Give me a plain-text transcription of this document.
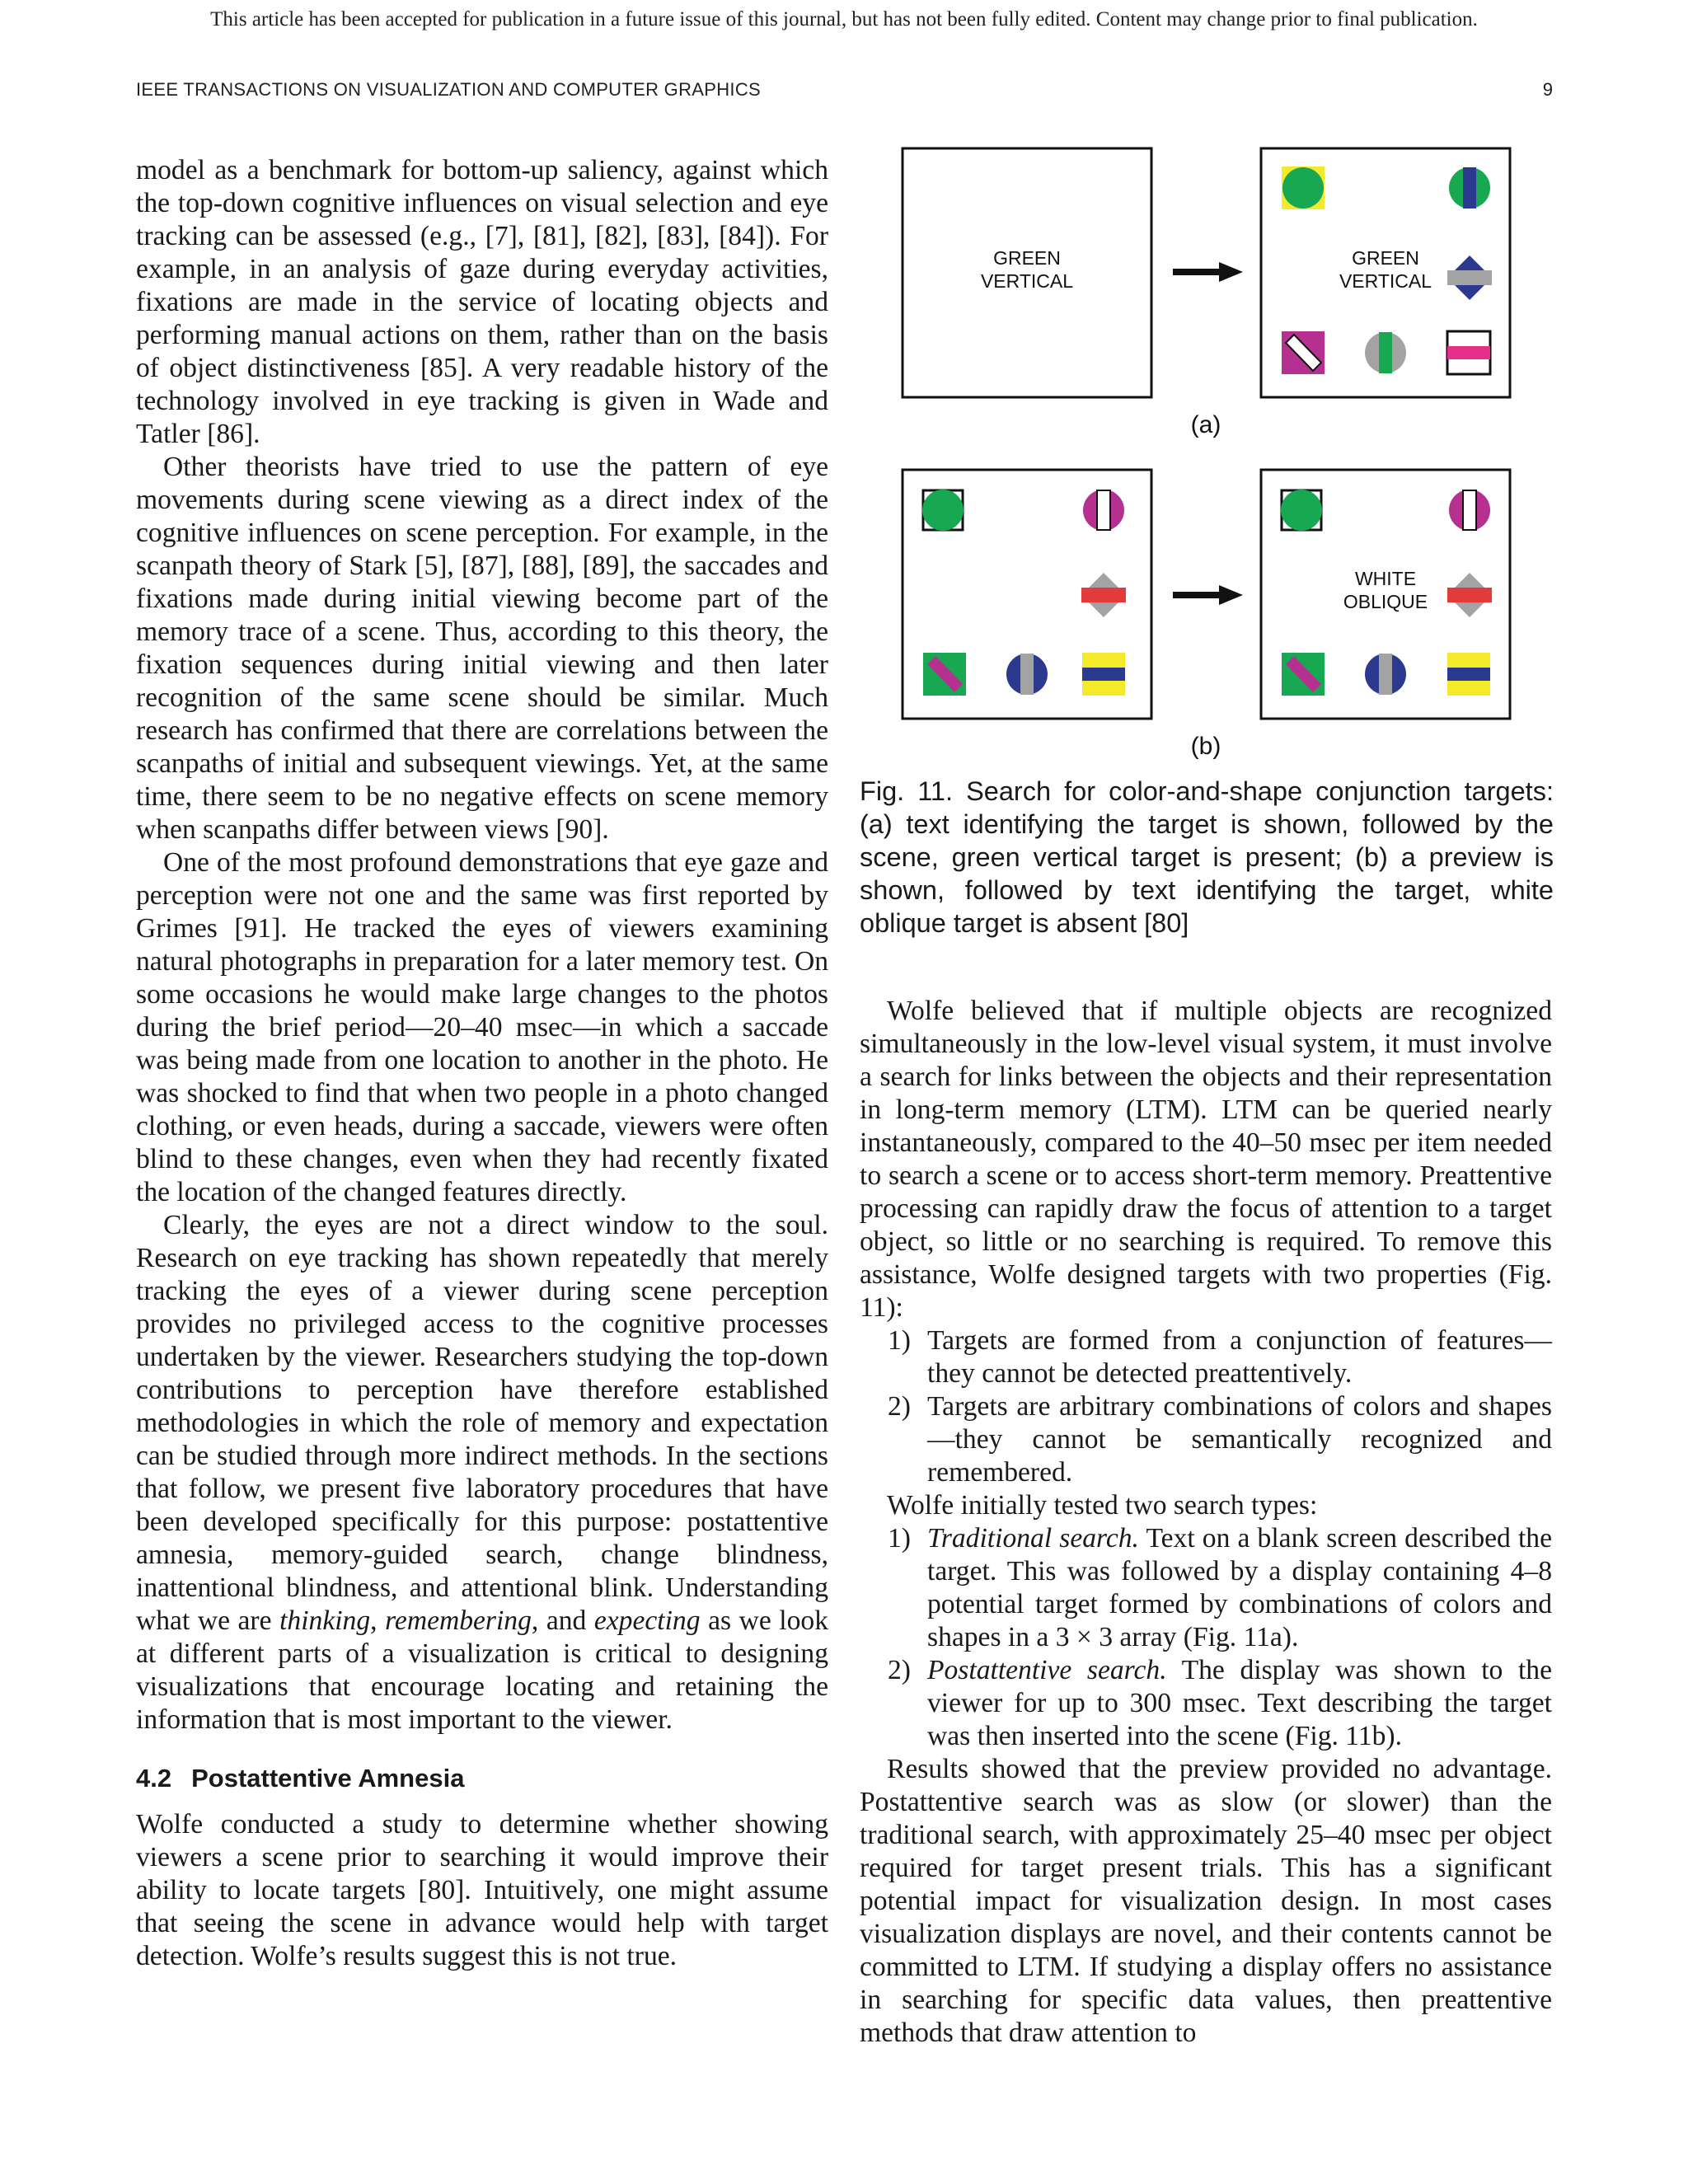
This article has been accepted for publication in a future issue of this journal, but has not been fully edited. Content may change prior to final publication.
IEEE TRANSACTIONS ON VISUALIZATION AND COMPUTER GRAPHICS	9

model as a benchmark for bottom-up saliency, against which the top-down cognitive influences on visual selection and eye tracking can be assessed (e.g., [7], [81], [82], [83], [84]). For example, in an analysis of gaze during everyday activities, fixations are made in the service of locating objects and performing manual actions on them, rather than on the basis of object distinctiveness [85]. A very readable history of the technology involved in eye tracking is given in Wade and Tatler [86].

Other theorists have tried to use the pattern of eye movements during scene viewing as a direct index of the cognitive influences on scene perception. For example, in the scanpath theory of Stark [5], [87], [88], [89], the saccades and fixations made during initial viewing become part of the memory trace of a scene. Thus, according to this theory, the fixation sequences during initial viewing and then later recognition of the same scene should be similar. Much research has confirmed that there are correlations between the scanpaths of initial and subsequent viewings. Yet, at the same time, there seem to be no negative effects on scene memory when scanpaths differ between views [90].

One of the most profound demonstrations that eye gaze and perception were not one and the same was first reported by Grimes [91]. He tracked the eyes of viewers examining natural photographs in preparation for a later memory test. On some occasions he would make large changes to the photos during the brief period—20–40 msec—in which a saccade was being made from one location to another in the photo. He was shocked to find that when two people in a photo changed clothing, or even heads, during a saccade, viewers were often blind to these changes, even when they had recently fixated the location of the changed features directly.

Clearly, the eyes are not a direct window to the soul. Research on eye tracking has shown repeatedly that merely tracking the eyes of a viewer during scene perception provides no privileged access to the cognitive processes undertaken by the viewer. Researchers studying the top-down contributions to perception have therefore established methodologies in which the role of memory and expectation can be studied through more indirect methods. In the sections that follow, we present five laboratory procedures that have been developed specifically for this purpose: postattentive amnesia, memory-guided search, change blindness, inattentional blindness, and attentional blink. Understanding what we are thinking, remembering, and expecting as we look at different parts of a visualization is critical to designing visualizations that encourage locating and retaining the information that is most important to the viewer.

4.2 Postattentive Amnesia

Wolfe conducted a study to determine whether showing viewers a scene prior to searching it would improve their ability to locate targets [80]. Intuitively, one might assume that seeing the scene in advance would help with target detection. Wolfe’s results suggest this is not true.

GREEN
VERTICAL
GREEN
VERTICAL
(a)
WHITE
OBLIQUE
(b)
Fig. 11. Search for color-and-shape conjunction targets: (a) text identifying the target is shown, followed by the scene, green vertical target is present; (b) a preview is shown, followed by text identifying the target, white oblique target is absent [80]

Wolfe believed that if multiple objects are recognized simultaneously in the low-level visual system, it must involve a search for links between the objects and their representation in long-term memory (LTM). LTM can be queried nearly instantaneously, compared to the 40–50 msec per item needed to search a scene or to access short-term memory. Preattentive processing can rapidly draw the focus of attention to a target object, so little or no searching is required. To remove this assistance, Wolfe designed targets with two properties (Fig. 11):

1) Targets are formed from a conjunction of features—they cannot be detected preattentively.
2) Targets are arbitrary combinations of colors and shapes—they cannot be semantically recognized and remembered.

Wolfe initially tested two search types:

1) Traditional search. Text on a blank screen described the target. This was followed by a display containing 4–8 potential target formed by combinations of colors and shapes in a 3 × 3 array (Fig. 11a).
2) Postattentive search. The display was shown to the viewer for up to 300 msec. Text describing the target was then inserted into the scene (Fig. 11b).

Results showed that the preview provided no advantage. Postattentive search was as slow (or slower) than the traditional search, with approximately 25–40 msec per object required for target present trials. This has a significant potential impact for visualization design. In most cases visualization displays are novel, and their contents cannot be committed to LTM. If studying a display offers no assistance in searching for specific data values, then preattentive methods that draw attention to
